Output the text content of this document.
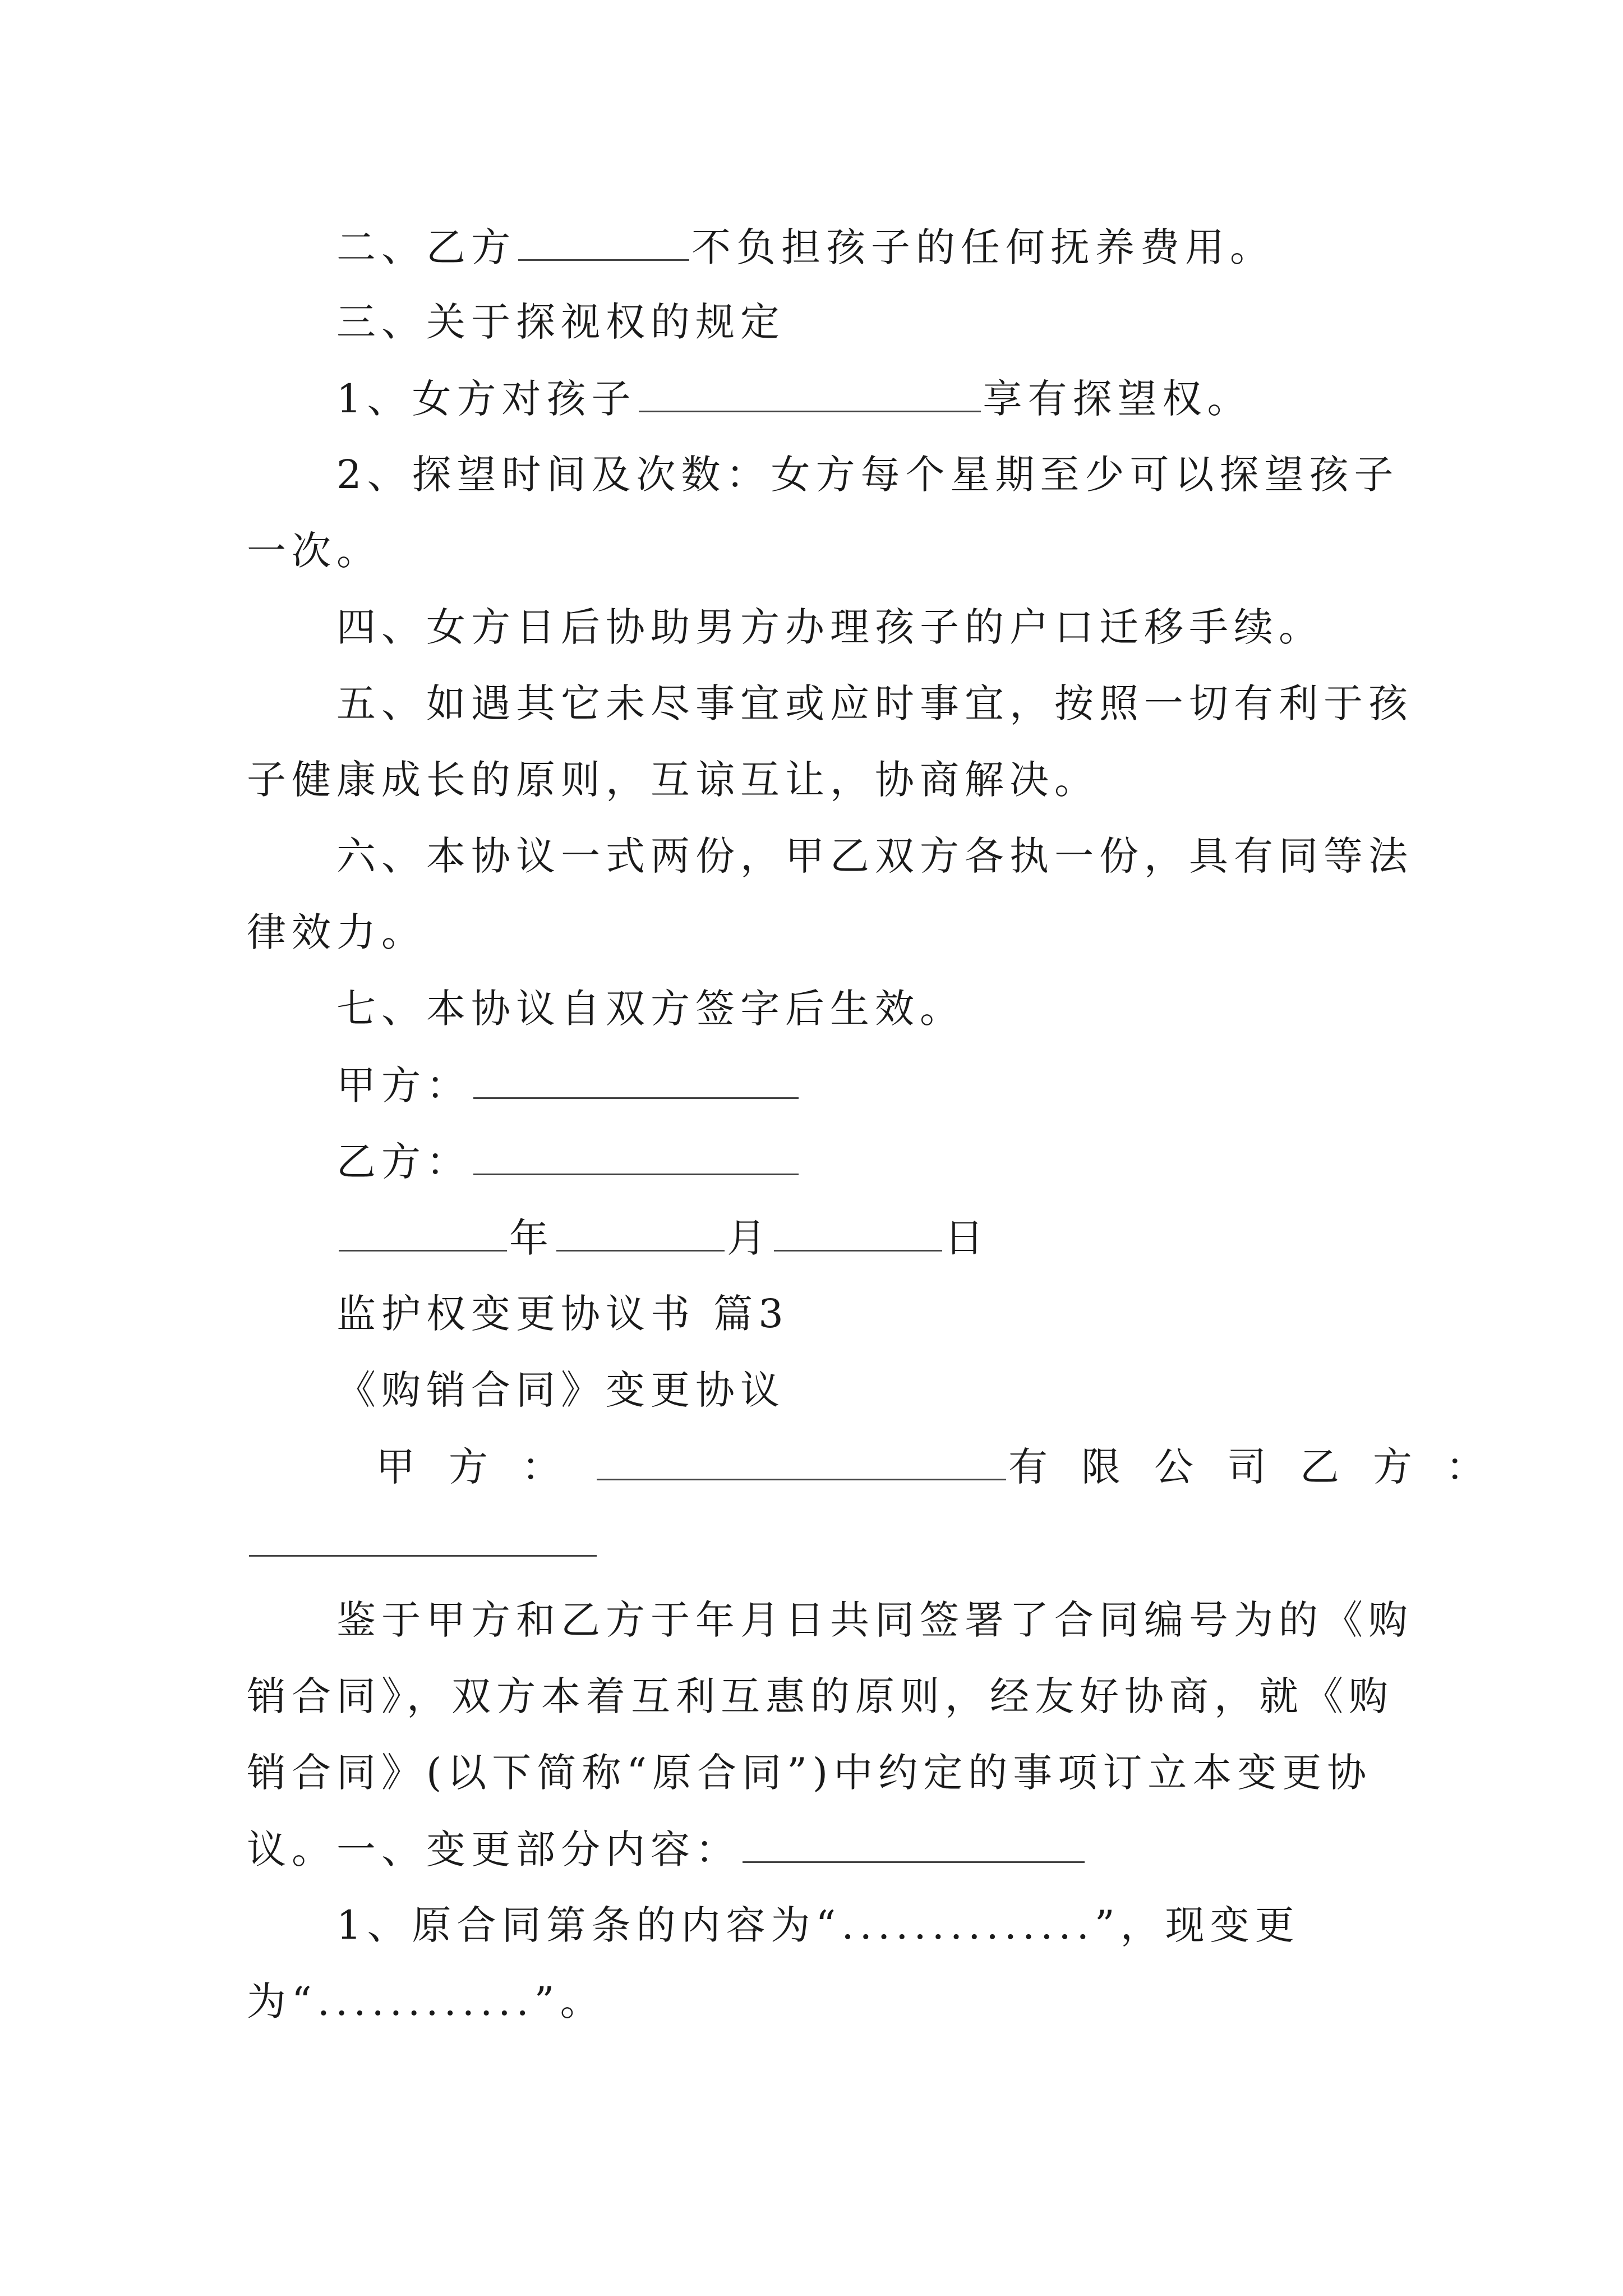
二、乙方	不负担孩子的任何抚养费用。
三、关于探视权的规定
1、女方对孩子	享有探望权。
2、探望时间及次数：女方每个星期至少可以探望孩子
一次。
四、女方日后协助男方办理孩子的户口迁移手续。
五、如遇其它未尽事宜或应时事宜，按照一切有利于孩
子健康成长的原则，互谅互让，协商解决。
六、本协议一式两份，甲乙双方各执一份，具有同等法
律效力。
七、本协议自双方签字后生效。
甲方：
乙方：
年	月	日
监护权变更协议书 篇3
《购销合同》变更协议
甲方：	有限公司乙方：
鉴于甲方和乙方于年月日共同签署了合同编号为的《购
销合同》，双方本着互利互惠的原则，经友好协商，就《购
销合同》(以下简称“原合同”)中约定的事项订立本变更协
议。一、变更部分内容：
1、原合同第条的内容为“..............”，现变更
为“............”。
